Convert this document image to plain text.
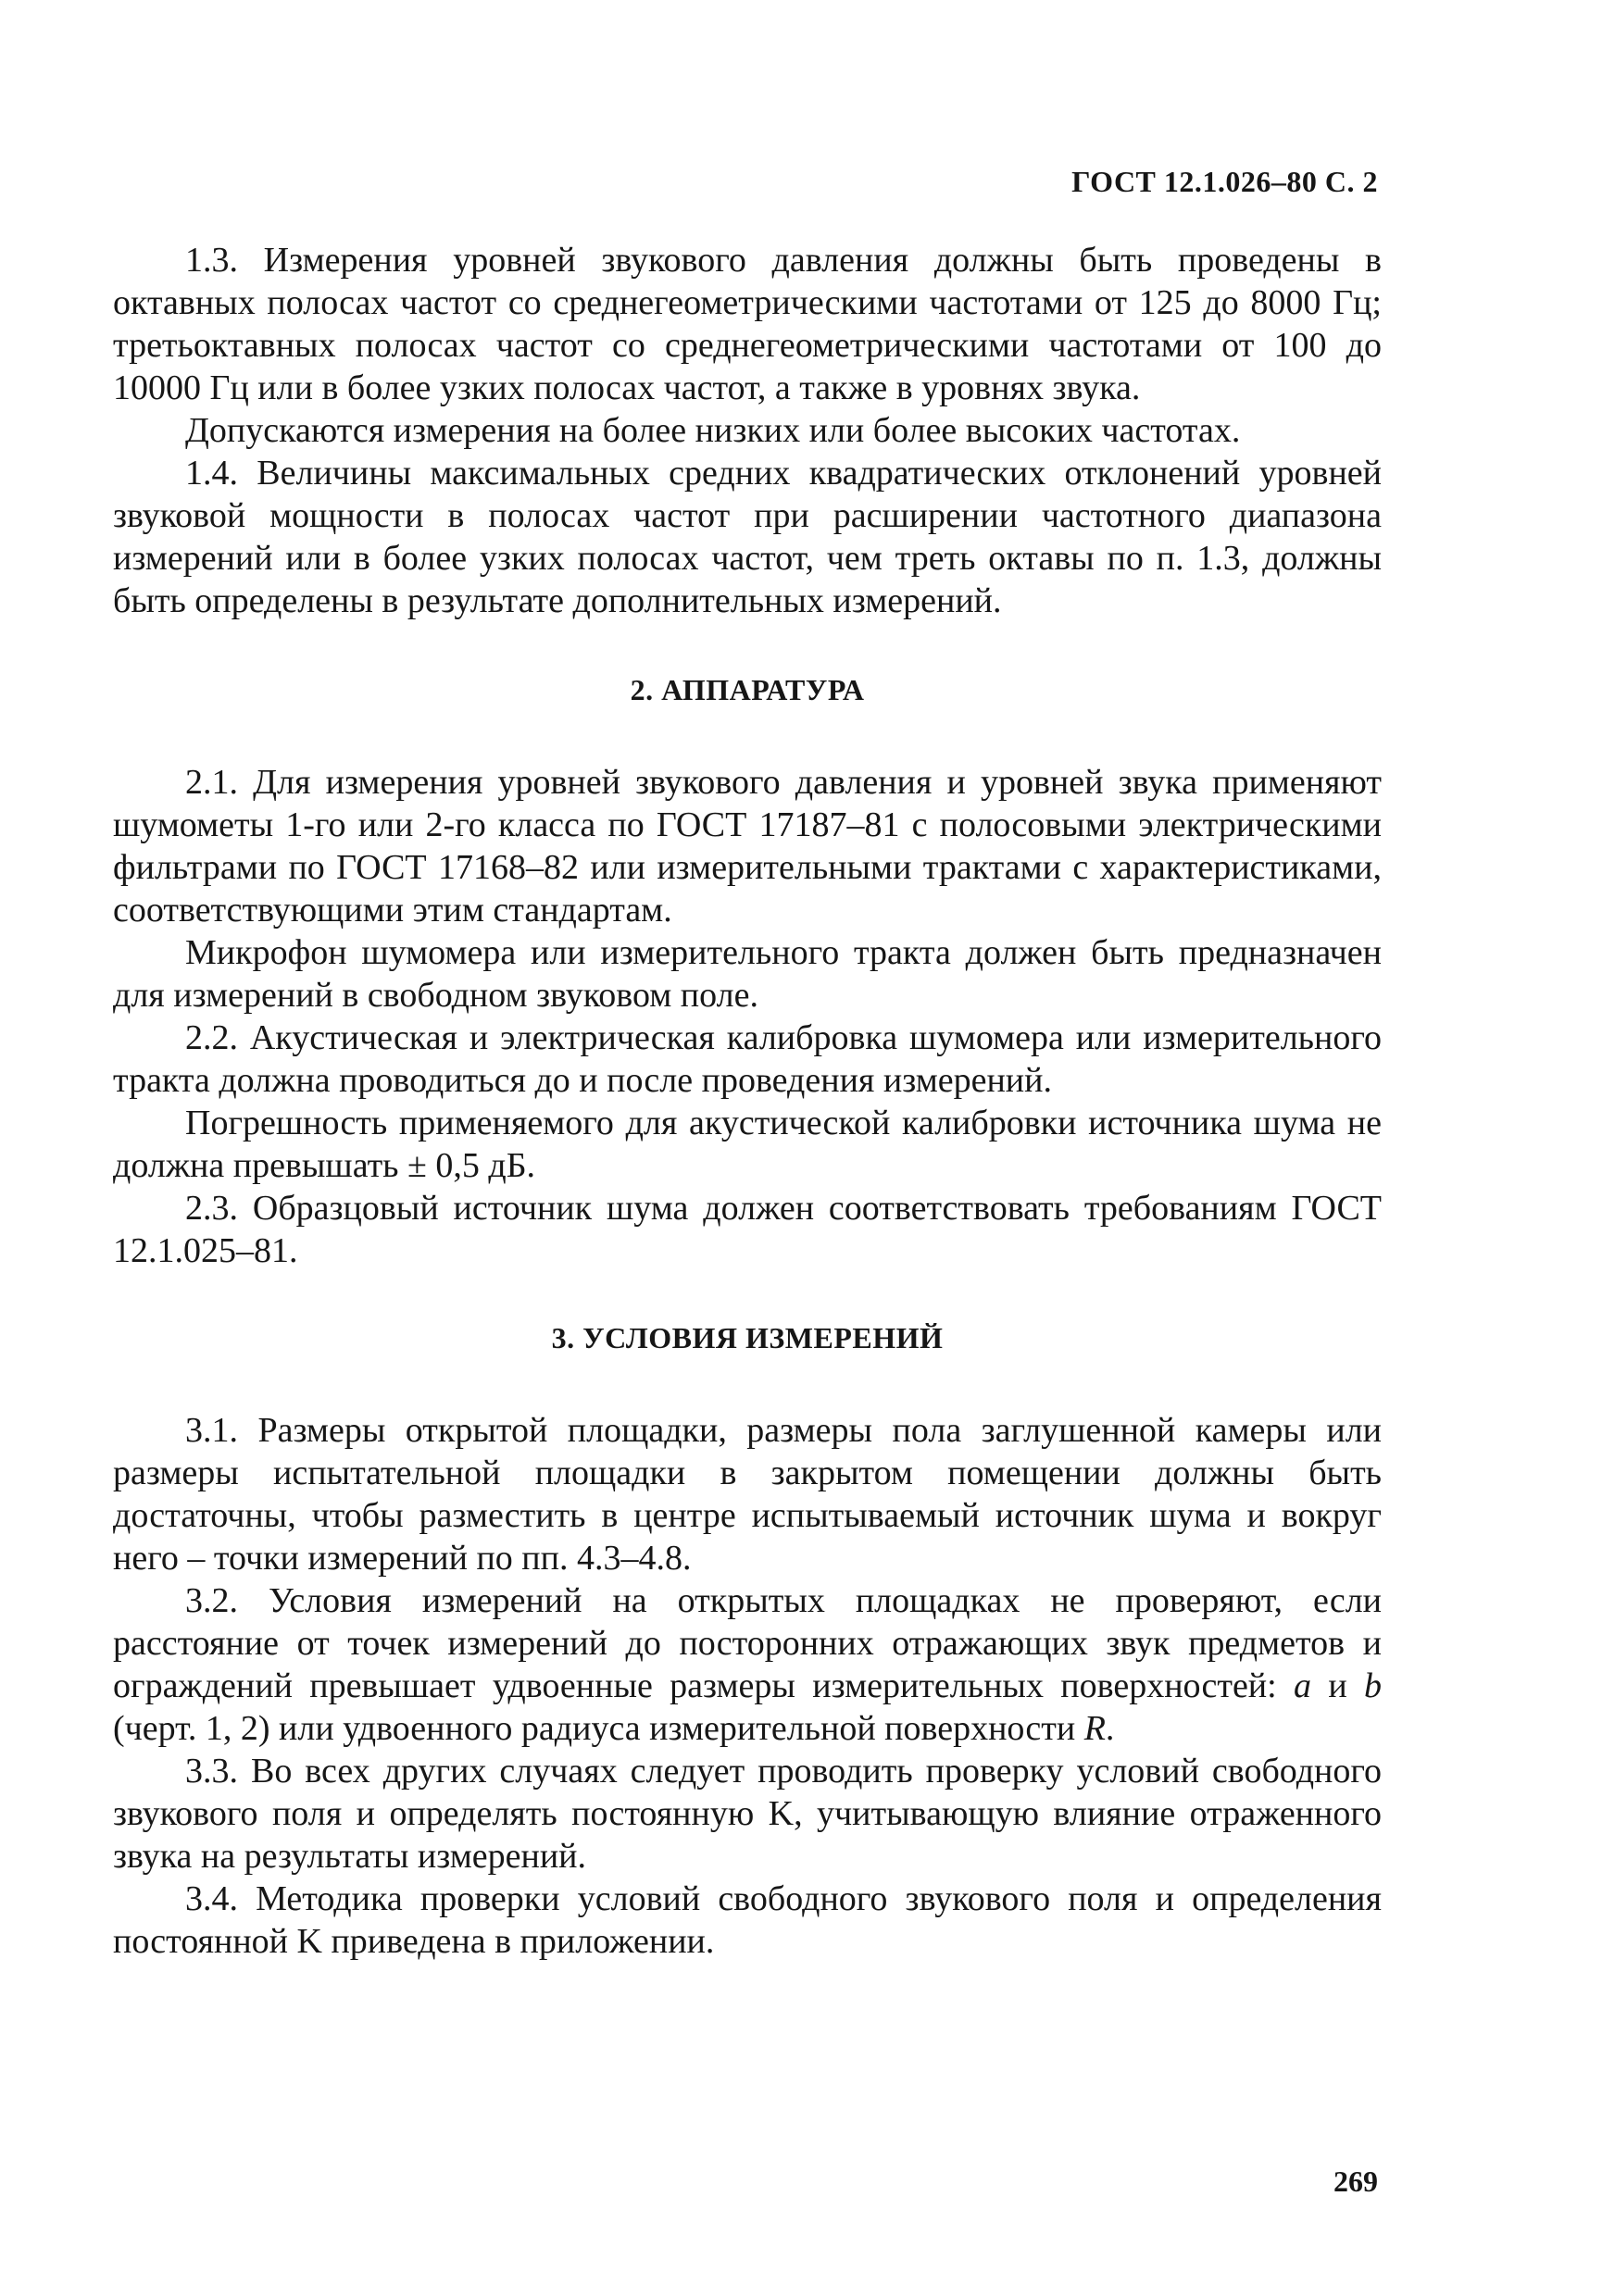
ГОСТ 12.1.026–80 С. 2

1.3. Измерения уровней звукового давления должны быть проведены в октавных полосах частот со среднегеометрическими частотами от 125 до 8000 Гц; третьоктавных полосах частот со среднегеометрическими частотами от 100 до 10000 Гц или в более узких полосах частот, а также в уровнях звука.

Допускаются измерения на более низких или более высоких частотах.

1.4. Величины максимальных средних квадратических отклонений уровней звуковой мощности в полосах частот при расширении частотного диапазона измерений или в более узких полосах частот, чем треть октавы по п. 1.3, должны быть определены в результате дополнительных измерений.

2. АППАРАТУРА

2.1. Для измерения уровней звукового давления и уровней звука применяют шумометы 1-го или 2-го класса по ГОСТ 17187–81 с полосовыми электрическими фильтрами по ГОСТ 17168–82 или измерительными трактами с характеристиками, соответствующими этим стандартам.

Микрофон шумомера или измерительного тракта должен быть предназначен для измерений в свободном звуковом поле.

2.2. Акустическая и электрическая калибровка шумомера или измерительного тракта должна проводиться до и после проведения измерений.

Погрешность применяемого для акустической калибровки источника шума не должна превышать ± 0,5 дБ.

2.3. Образцовый источник шума должен соответствовать требованиям ГОСТ 12.1.025–81.

3. УСЛОВИЯ ИЗМЕРЕНИЙ

3.1. Размеры открытой площадки, размеры пола заглушенной камеры или размеры испытательной площадки в закрытом помещении должны быть достаточны, чтобы разместить в центре испытываемый источник шума и вокруг него – точки измерений по пп. 4.3–4.8.

3.2. Условия измерений на открытых площадках не проверяют, если расстояние от точек измерений до посторонних отражающих звук предметов и ограждений превышает удвоенные размеры измерительных поверхностей: a и b (черт. 1, 2) или удвоенного радиуса измерительной поверхности R.

3.3. Во всех других случаях следует проводить проверку условий свободного звукового поля и определять постоянную K, учитывающую влияние отраженного звука на результаты измерений.

3.4. Методика проверки условий свободного звукового поля и определения постоянной K приведена в приложении.

269
